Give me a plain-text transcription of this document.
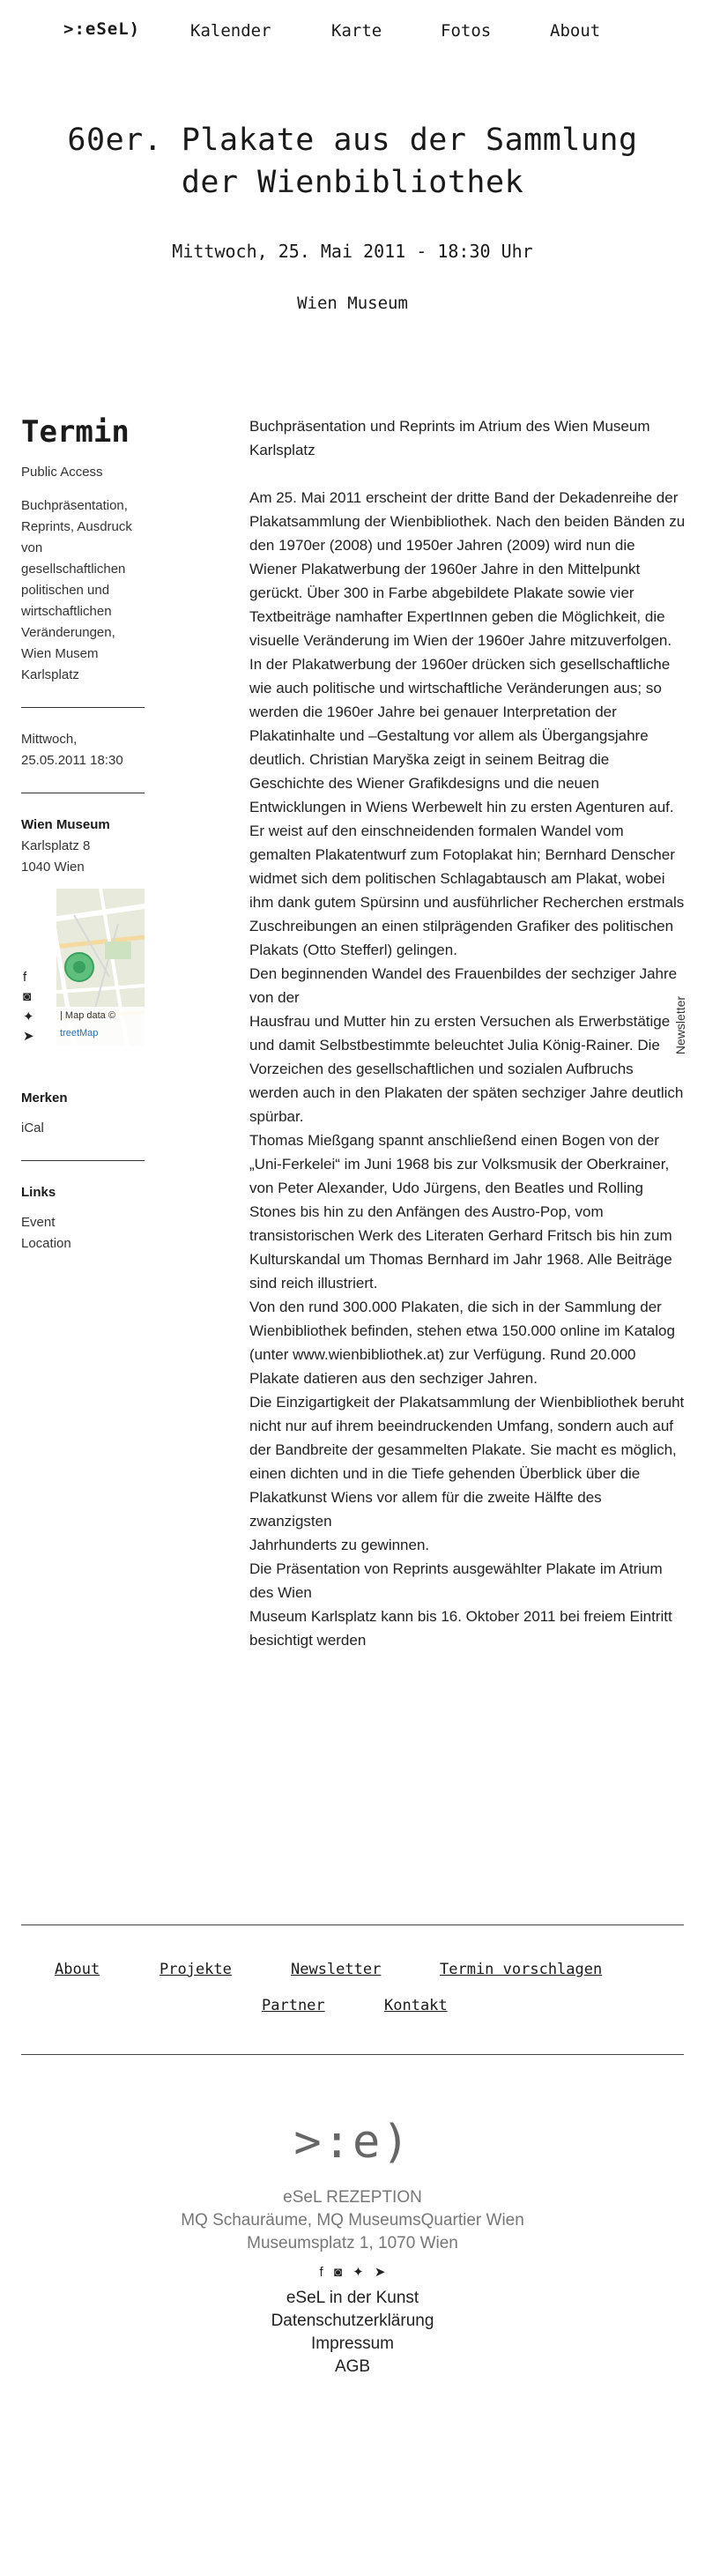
>:eSeL)	Kalender	Karte	Fotos	About
60er. Plakate aus der Sammlung der Wienbibliothek
Mittwoch, 25. Mai 2011 - 18:30 Uhr
Wien Museum
Termin
Public Access
Buchpräsentation, Reprints, Ausdruck von gesellschaftlichen politischen und wirtschaftlichen Veränderungen, Wien Musem Karlsplatz
Mittwoch, 25.05.2011 18:30
Wien Museum
Karlsplatz 8
1040 Wien
f
◙
✦
➤
| Map data ©
treetMap
Merken
iCal
Links
Event
Location
Newsletter

Buchpräsentation und Reprints im Atrium des Wien Museum Karlsplatz

Am 25. Mai 2011 erscheint der dritte Band der Dekadenreihe der Plakatsammlung der Wienbibliothek. Nach den beiden Bänden zu den 1970er (2008) und 1950er Jahren (2009) wird nun die Wiener Plakatwerbung der 1960er Jahre in den Mittelpunkt gerückt. Über 300 in Farbe abgebildete Plakate sowie vier Textbeiträge namhafter ExpertInnen geben die Möglichkeit, die visuelle Veränderung im Wien der 1960er Jahre mitzuverfolgen.

In der Plakatwerbung der 1960er drücken sich gesellschaftliche wie auch politische und wirtschaftliche Veränderungen aus; so werden die 1960er Jahre bei genauer Interpretation der Plakatinhalte und –Gestaltung vor allem als Übergangsjahre deutlich. Christian Maryška zeigt in seinem Beitrag die Geschichte des Wiener Grafikdesigns und die neuen Entwicklungen in Wiens Werbewelt hin zu ersten Agenturen auf. Er weist auf den einschneidenden formalen Wandel vom gemalten Plakatentwurf zum Fotoplakat hin; Bernhard Denscher widmet sich dem politischen Schlagabtausch am Plakat, wobei ihm dank gutem Spürsinn und ausführlicher Recherchen erstmals Zuschreibungen an einen stilprägenden Grafiker des politischen Plakats (Otto Stefferl) gelingen.

Den beginnenden Wandel des Frauenbildes der sechziger Jahre von der

Hausfrau und Mutter hin zu ersten Versuchen als Erwerbstätige und damit Selbstbestimmte beleuchtet Julia König-Rainer. Die Vorzeichen des gesellschaftlichen und sozialen Aufbruchs werden auch in den Plakaten der späten sechziger Jahre deutlich spürbar.

Thomas Mießgang spannt anschließend einen Bogen von der „Uni-Ferkelei“ im Juni 1968 bis zur Volksmusik der Oberkrainer, von Peter Alexander, Udo Jürgens, den Beatles und Rolling Stones bis hin zu den Anfängen des Austro-Pop, vom transistorischen Werk des Literaten Gerhard Fritsch bis hin zum Kulturskandal um Thomas Bernhard im Jahr 1968. Alle Beiträge sind reich illustriert.

Von den rund 300.000 Plakaten, die sich in der Sammlung der Wienbibliothek befinden, stehen etwa 150.000 online im Katalog (unter www.wienbibliothek.at) zur Verfügung. Rund 20.000 Plakate datieren aus den sechziger Jahren.

Die Einzigartigkeit der Plakatsammlung der Wienbibliothek beruht nicht nur auf ihrem beeindruckenden Umfang, sondern auch auf der Bandbreite der gesammelten Plakate. Sie macht es möglich, einen dichten und in die Tiefe gehenden Überblick über die

Plakatkunst Wiens vor allem für die zweite Hälfte des zwanzigsten

Jahrhunderts zu gewinnen.

Die Präsentation von Reprints ausgewählter Plakate im Atrium des Wien

Museum Karlsplatz kann bis 16. Oktober 2011 bei freiem Eintritt

besichtigt werden

About	Projekte	Newsletter	Termin vorschlagen
Partner	Kontakt
>:e)
eSeL REZEPTION
MQ Schauräume, MQ MuseumsQuartier Wien
Museumsplatz 1, 1070 Wien
f ◙ ✦ ➤
eSeL in der Kunst
Datenschutzerklärung
Impressum
AGB
